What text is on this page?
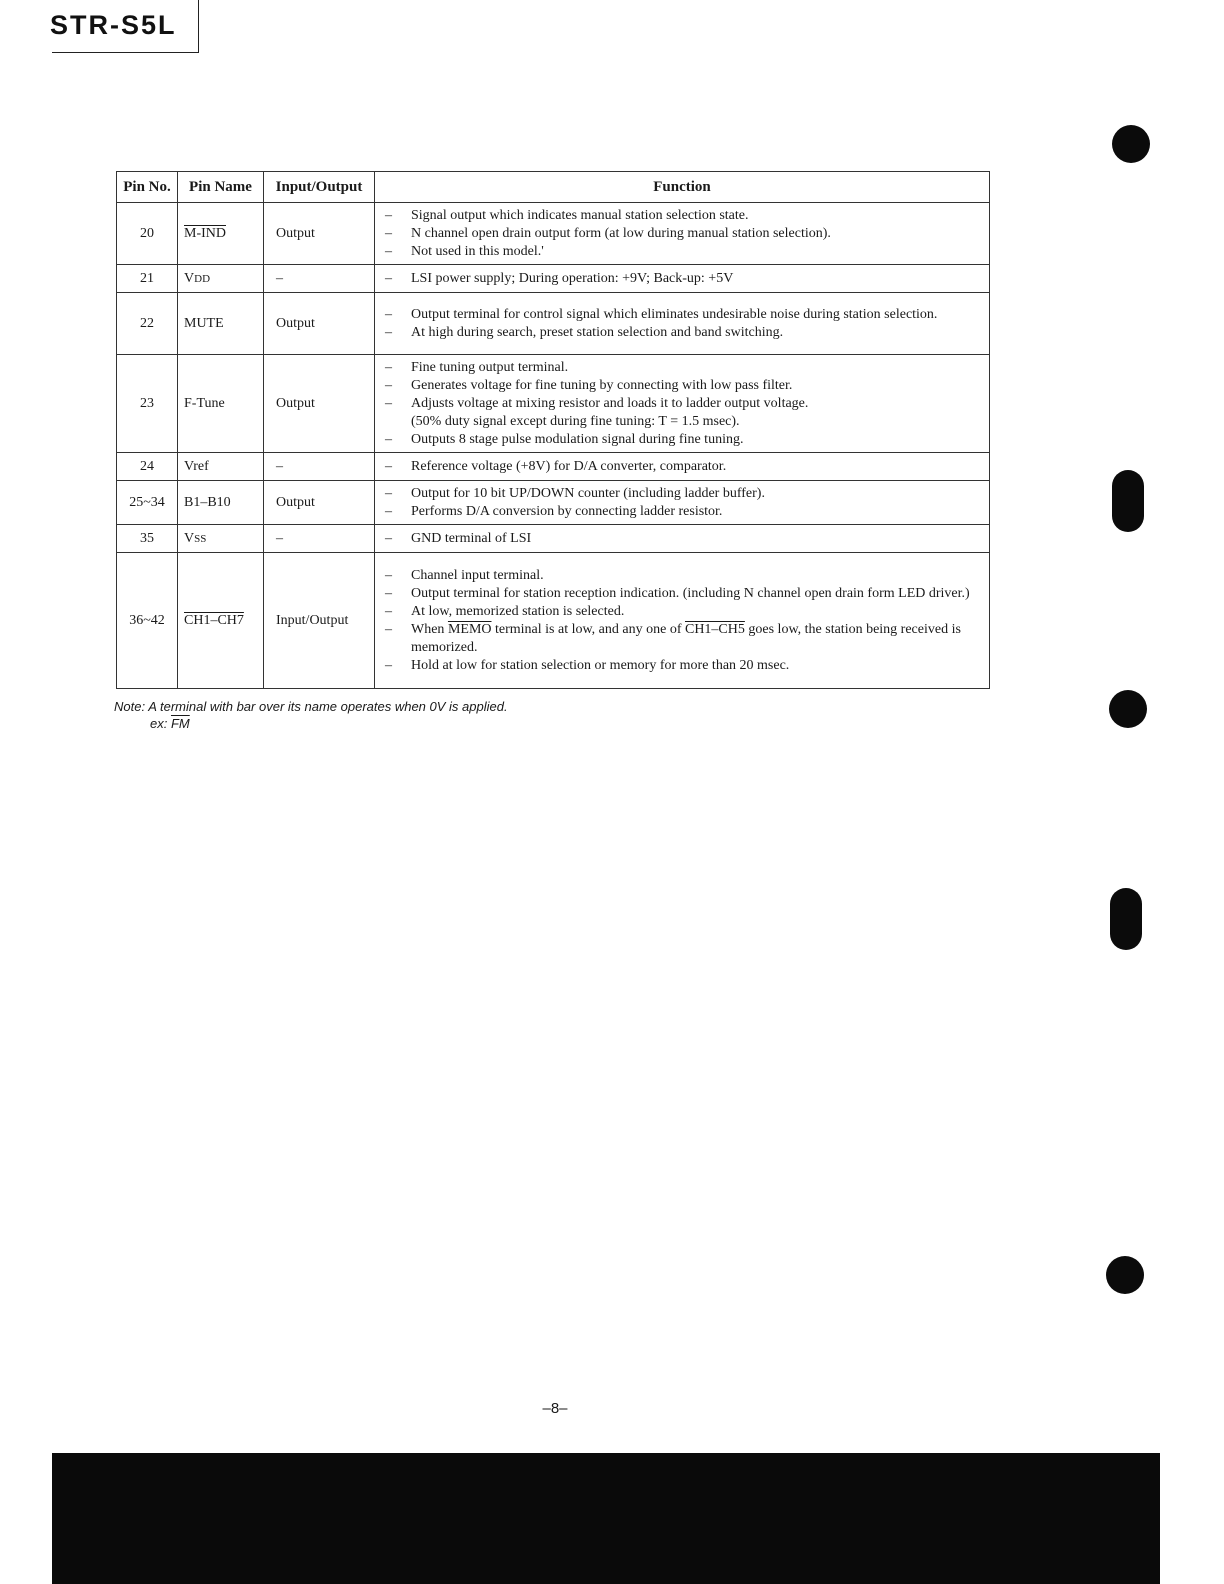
STR-S5L
Pin No.	Pin Name	Input/Output	Function
20	M-IND	Output	– Signal output which indicates manual station selection state.
– N channel open drain output form (at low during manual station selection).
– Not used in this model.'

21	VDD	–	– LSI power supply; During operation: +9V; Back-up: +5V

22	MUTE	Output	– Output terminal for control signal which eliminates undesirable noise during station selection.
– At high during search, preset station selection and band switching.

23	F-Tune	Output	– Fine tuning output terminal.
– Generates voltage for fine tuning by connecting with low pass filter.
– Adjusts voltage at mixing resistor and loads it to ladder output voltage.
(50% duty signal except during fine tuning: T = 1.5 msec).
– Outputs 8 stage pulse modulation signal during fine tuning.

24	Vref	–	– Reference voltage (+8V) for D/A converter, comparator.

25~34	B1–B10	Output	– Output for 10 bit UP/DOWN counter (including ladder buffer).
– Performs D/A conversion by connecting ladder resistor.

35	VSS	–	– GND terminal of LSI

36~42	CH1–CH7	Input/Output	– Channel input terminal.
– Output terminal for station reception indication. (including N channel open drain form LED driver.)
– At low, memorized station is selected.
– When MEMO terminal is at low, and any one of CH1–CH5 goes low, the station being received is memorized.
– Hold at low for station selection or memory for more than 20 msec.
Note: A terminal with bar over its name operates when 0V is applied.
ex: $\overline{FM}$
–8–
